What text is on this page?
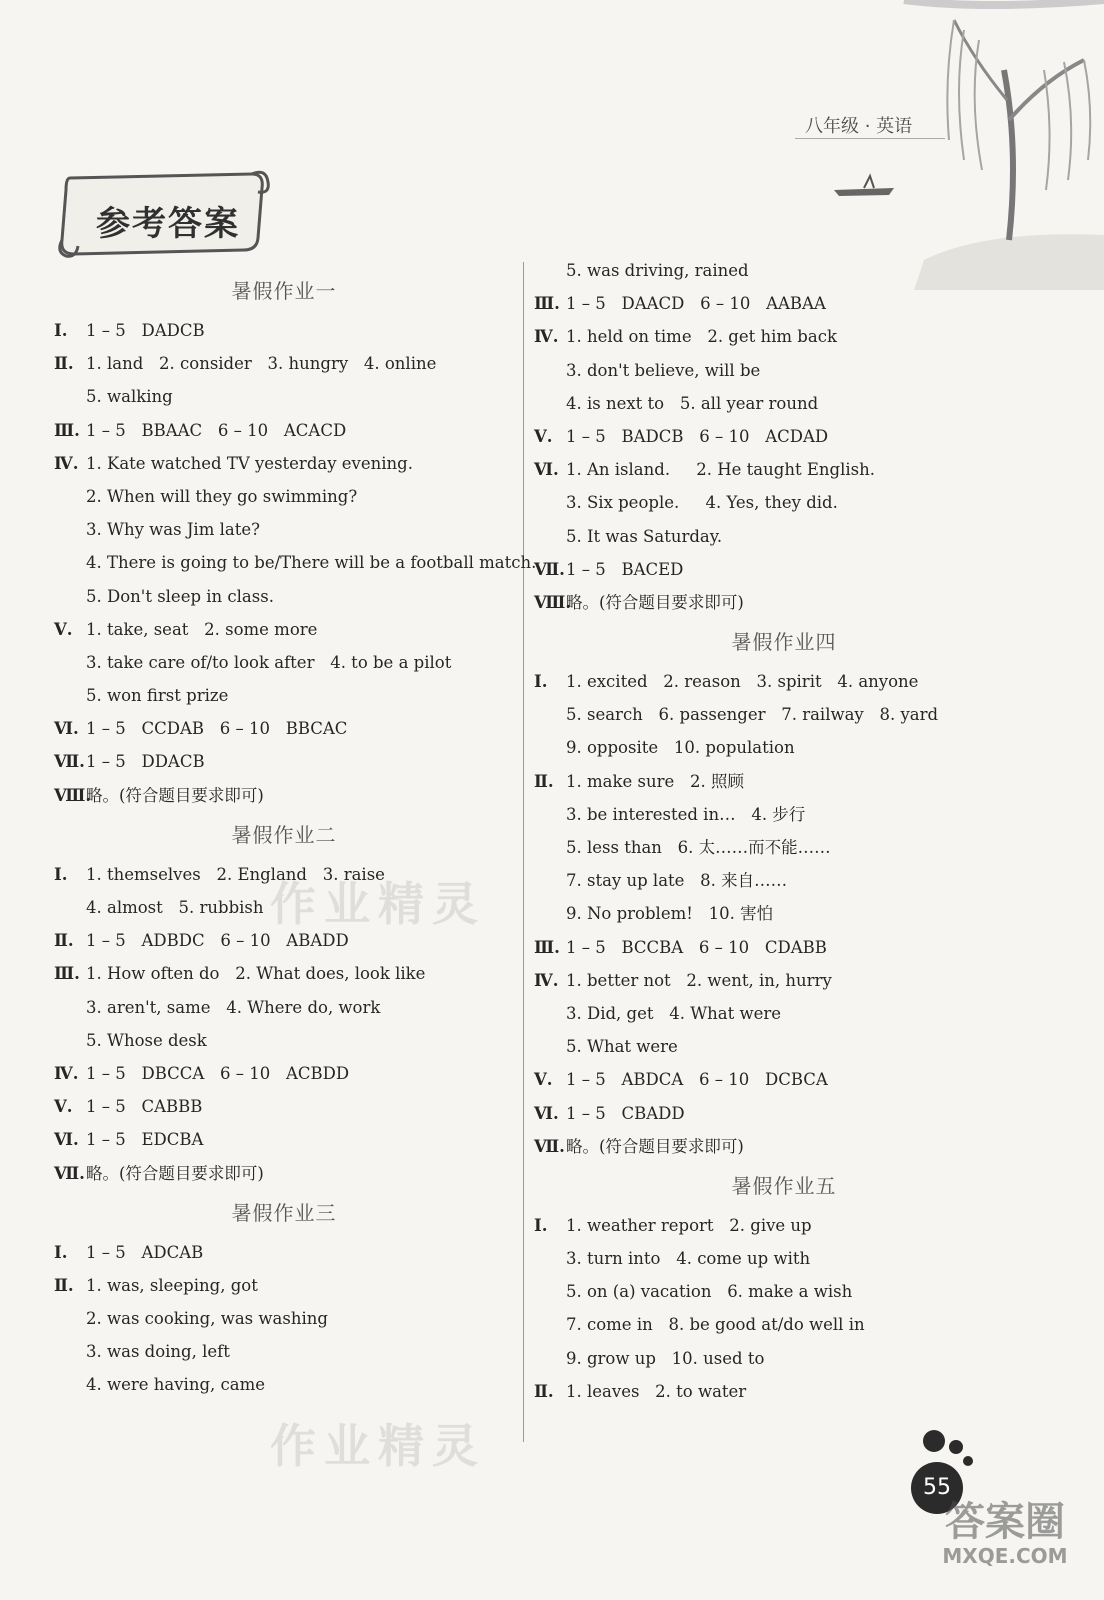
八年级 · 英语
参考答案
暑假作业一
Ⅰ. 1 – 5   DADCB
Ⅱ. 1. land   2. consider   3. hungry   4. online
5. walking
Ⅲ. 1 – 5   BBAAC   6 – 10   ACACD
Ⅳ. 1. Kate watched TV yesterday evening.
2. When will they go swimming?
3. Why was Jim late?
4. There is going to be/There will be a football match.
5. Don't sleep in class.
Ⅴ. 1. take, seat   2. some more
3. take care of/to look after   4. to be a pilot
5. won first prize
Ⅵ. 1 – 5   CCDAB   6 – 10   BBCAC
Ⅶ.1 – 5   DDACB
Ⅷ.略。(符合题目要求即可)
暑假作业二
Ⅰ. 1. themselves   2. England   3. raise
4. almost   5. rubbish
Ⅱ. 1 – 5   ADBDC   6 – 10   ABADD
Ⅲ. 1. How often do   2. What does, look like
3. aren't, same   4. Where do, work
5. Whose desk
Ⅳ. 1 – 5   DBCCA   6 – 10   ACBDD
Ⅴ. 1 – 5   CABBB
Ⅵ. 1 – 5   EDCBA
Ⅶ.略。(符合题目要求即可)
暑假作业三
Ⅰ. 1 – 5   ADCAB
Ⅱ. 1. was, sleeping, got
2. was cooking, was washing
3. was doing, left
4. were having, came
5. was driving, rained
Ⅲ. 1 – 5   DAACD   6 – 10   AABAA
Ⅳ. 1. held on time   2. get him back
3. don't believe, will be
4. is next to   5. all year round
Ⅴ. 1 – 5   BADCB   6 – 10   ACDAD
Ⅵ. 1. An island.     2. He taught English.
3. Six people.     4. Yes, they did.
5. It was Saturday.
Ⅶ.1 – 5   BACED
Ⅷ.略。(符合题目要求即可)
暑假作业四
Ⅰ. 1. excited   2. reason   3. spirit   4. anyone
5. search   6. passenger   7. railway   8. yard
9. opposite   10. population
Ⅱ. 1. make sure   2. 照顾
3. be interested in…   4. 步行
5. less than   6. 太……而不能……
7. stay up late   8. 来自……
9. No problem!   10. 害怕
Ⅲ. 1 – 5   BCCBA   6 – 10   CDABB
Ⅳ. 1. better not   2. went, in, hurry
3. Did, get   4. What were
5. What were
Ⅴ. 1 – 5   ABDCA   6 – 10   DCBCA
Ⅵ. 1 – 5   CBADD
Ⅶ.略。(符合题目要求即可)
暑假作业五
Ⅰ. 1. weather report   2. give up
3. turn into   4. come up with
5. on (a) vacation   6. make a wish
7. come in   8. be good at/do well in
9. grow up   10. used to
Ⅱ. 1. leaves   2. to water
作业精灵
作业精灵
55
答案圈
MXQE.COM
